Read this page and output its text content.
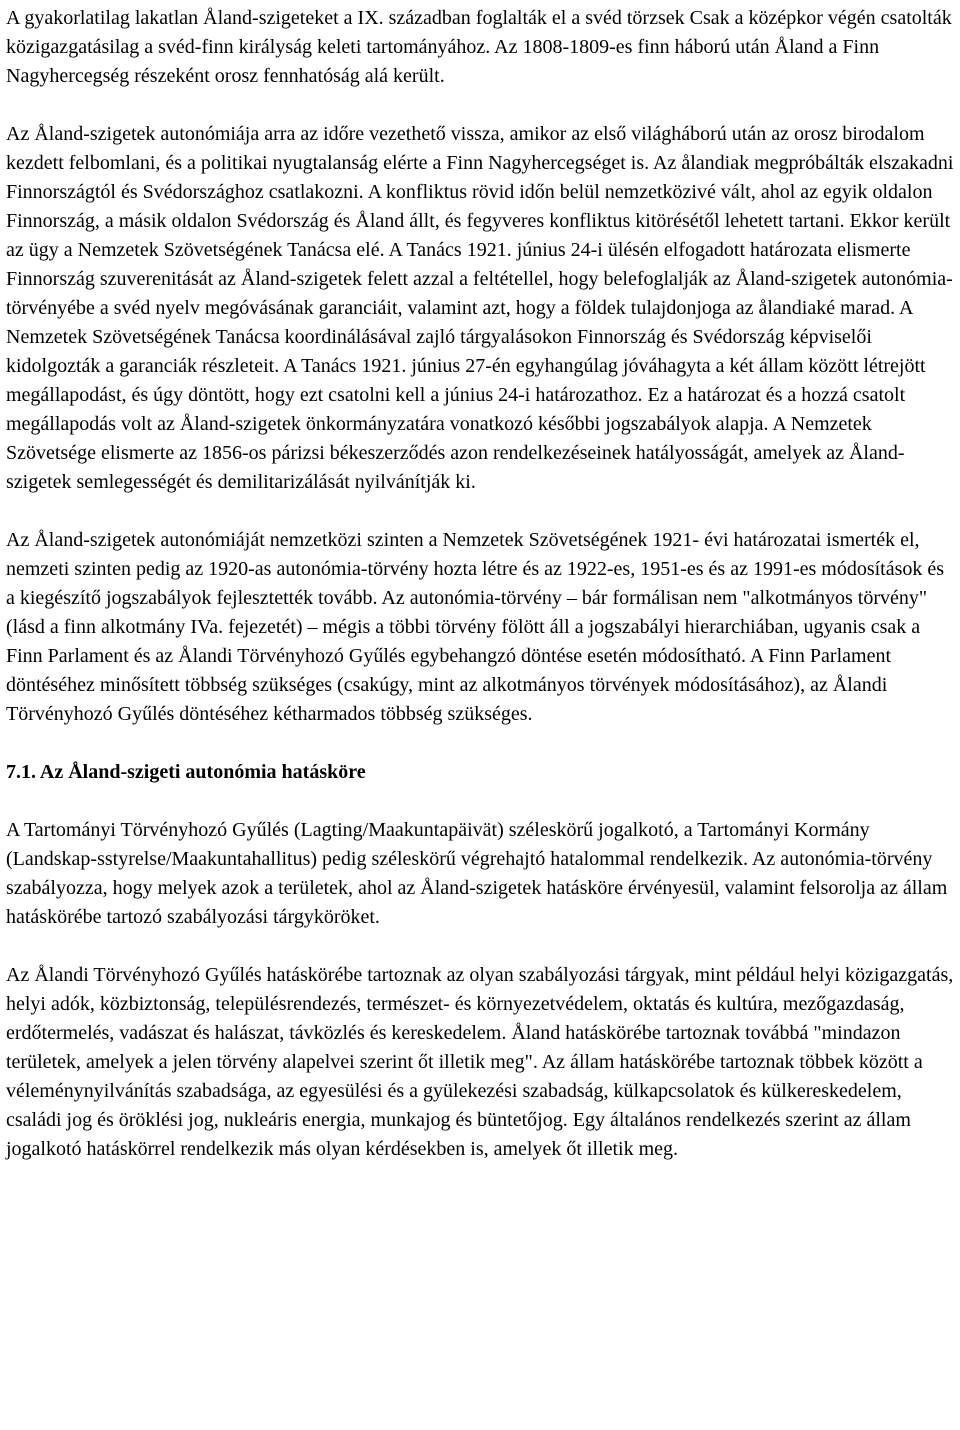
A gyakorlatilag lakatlan Åland-szigeteket a IX. században foglalták el a svéd törzsek Csak a középkor végén csatolták közigazgatásilag a svéd-finn királyság keleti tartományához. Az 1808-1809-es finn háború után Åland a Finn Nagyhercegség részeként orosz fennhatóság alá került.

Az Åland-szigetek autonómiája arra az időre vezethető vissza, amikor az első világháború után az orosz birodalom kezdett felbomlani, és a politikai nyugtalanság elérte a Finn Nagyhercegséget is. Az ålandiak megpróbálták elszakadni Finnországtól és Svédországhoz csatlakozni. A konfliktus rövid időn belül nemzetközivé vált, ahol az egyik oldalon Finnország, a másik oldalon Svédország és Åland állt, és fegyveres konfliktus kitörésétől lehetett tartani. Ekkor került az ügy a Nemzetek Szövetségének Tanácsa elé. A Tanács 1921. június 24-i ülésén elfogadott határozata elismerte Finnország szuverenitását az Åland-szigetek felett azzal a feltétellel, hogy belefoglalják az Åland-szigetek autonómia-törvényébe a svéd nyelv megóvásának garanciáit, valamint azt, hogy a földek tulajdonjoga az ålandiaké marad. A Nemzetek Szövetségének Tanácsa koordinálásával zajló tárgyalásokon Finnország és Svédország képviselői kidolgozták a garanciák részleteit. A Tanács 1921. június 27-én egyhangúlag jóváhagyta a két állam között létrejött megállapodást, és úgy döntött, hogy ezt csatolni kell a június 24-i határozathoz. Ez a határozat és a hozzá csatolt megállapodás volt az Åland-szigetek önkormányzatára vonatkozó későbbi jogszabályok alapja. A Nemzetek Szövetsége elismerte az 1856-os párizsi békeszerződés azon rendelkezéseinek hatályosságát, amelyek az Åland-szigetek semlegességét és demilitarizálását nyilvánítják ki.

Az Åland-szigetek autonómiáját nemzetközi szinten a Nemzetek Szövetségének 1921- évi határozatai ismerték el, nemzeti szinten pedig az 1920-as autonómia-törvény hozta létre és az 1922-es, 1951-es és az 1991-es módosítások és a kiegészítő jogszabályok fejlesztették tovább. Az autonómia-törvény – bár formálisan nem "alkotmányos törvény" (lásd a finn alkotmány IVa. fejezetét) – mégis a többi törvény fölött áll a jogszabályi hierarchiában, ugyanis csak a Finn Parlament és az Ålandi Törvényhozó Gyűlés egybehangzó döntése esetén módosítható. A Finn Parlament döntéséhez minősített többség szükséges (csakúgy, mint az alkotmányos törvények módosításához), az Ålandi Törvényhozó Gyűlés döntéséhez kétharmados többség szükséges.

7.1. Az Åland-szigeti autonómia hatásköre

A Tartományi Törvényhozó Gyűlés (Lagting/Maakuntapäivät) széleskörű jogalkotó, a Tartományi Kormány (Landskap-sstyrelse/Maakuntahallitus) pedig széleskörű végrehajtó hatalommal rendelkezik. Az autonómia-törvény szabályozza, hogy melyek azok a területek, ahol az Åland-szigetek hatásköre érvényesül, valamint felsorolja az állam hatáskörébe tartozó szabályozási tárgyköröket.

Az Ålandi Törvényhozó Gyűlés hatáskörébe tartoznak az olyan szabályozási tárgyak, mint például helyi közigazgatás, helyi adók, közbiztonság, településrendezés, természet- és környezetvédelem, oktatás és kultúra, mezőgazdaság, erdőtermelés, vadászat és halászat, távközlés és kereskedelem. Åland hatáskörébe tartoznak továbbá "mindazon területek, amelyek a jelen törvény alapelvei szerint őt illetik meg". Az állam hatáskörébe tartoznak többek között a véleménynyilvánítás szabadsága, az egyesülési és a gyülekezési szabadság, külkapcsolatok és külkereskedelem, családi jog és öröklési jog, nukleáris energia, munkajog és büntetőjog. Egy általános rendelkezés szerint az állam jogalkotó hatáskörrel rendelkezik más olyan kérdésekben is, amelyek őt illetik meg.
